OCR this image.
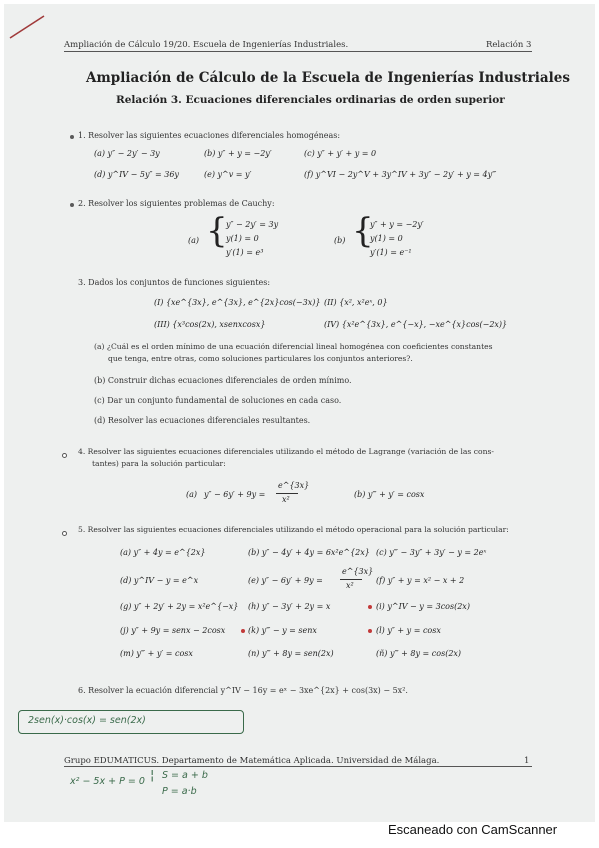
Ampliación de Cálculo 19/20. Escuela de Ingenierías Industriales.	Relación 3
Ampliación de Cálculo de la Escuela de Ingenierías Industriales
Relación 3. Ecuaciones diferenciales ordinarias de orden superior
1. Resolver las siguientes ecuaciones diferenciales homogéneas:
(a) y″ − 2y′ − 3y	(b) y″ + y = −2y′	(c) y″ + y′ + y = 0
(d) y^IV − 5y″ = 36y	(e) y^v = y′	(f) y^VI − 2y^V + 3y^IV + 3y″ − 2y′ + y = 4y‴
2. Resolver los siguientes problemas de Cauchy:
(a) {
y″ − 2y′ = 3y
y(1) = 0
y′(1) = e³
(b) {
y″ + y = −2y′
y(1) = 0
y′(1) = e⁻¹
3. Dados los conjuntos de funciones siguientes:
(I) {xe^{3x}, e^{3x}, e^{2x}cos(−3x)} (II) {x², x²eˣ, 0}
(III) {x³cos(2x), xsenxcosx}	(IV) {x²e^{3x}, e^{−x}, −xe^{x}cos(−2x)}
(a) ¿Cuál es el orden mínimo de una ecuación diferencial lineal homogénea con coeficientes constantes
que tenga, entre otras, como soluciones particulares los conjuntos anteriores?.
(b) Construir dichas ecuaciones diferenciales de orden mínimo.
(c) Dar un conjunto fundamental de soluciones en cada caso.
(d) Resolver las ecuaciones diferenciales resultantes.
4. Resolver las siguientes ecuaciones diferenciales utilizando el método de Lagrange (variación de las cons-
tantes) para la solución particular:
(a) y″ − 6y′ + 9y =
e^{3x}
x²
(b) y‴ + y′ = cosx
5. Resolver las siguientes ecuaciones diferenciales utilizando el método operacional para la solución particular:
(a) y″ + 4y = e^{2x}	(b) y″ − 4y′ + 4y = 6x²e^{2x} (c) y‴ − 3y″ + 3y′ − y = 2eˣ
(d) y^IV − y = e^x	(e) y″ − 6y′ + 9y =
e^{3x}
x²
(f) y″ + y = x² − x + 2
(g) y″ + 2y′ + 2y = x²e^{−x} (h) y″ − 3y′ + 2y = x	(i) y^IV − y = 3cos(2x)
(j) y″ + 9y = senx − 2cosx	(k) y‴ − y = senx	(l) y″ + y = cosx
(m) y‴ + y′ = cosx	(n) y‴ + 8y = sen(2x)	(ñ) y‴ + 8y = cos(2x)
6. Resolver la ecuación diferencial y^IV − 16y = eˣ − 3xe^{2x} + cos(3x) − 5x².
2sen(x)·cos(x) = sen(2x)
Grupo EDUMATICUS. Departamento de Matemática Aplicada. Universidad de Málaga.	1
x² − 5x + P = 0 ¦ S = a + b
P = a·b
Escaneado con CamScanner
